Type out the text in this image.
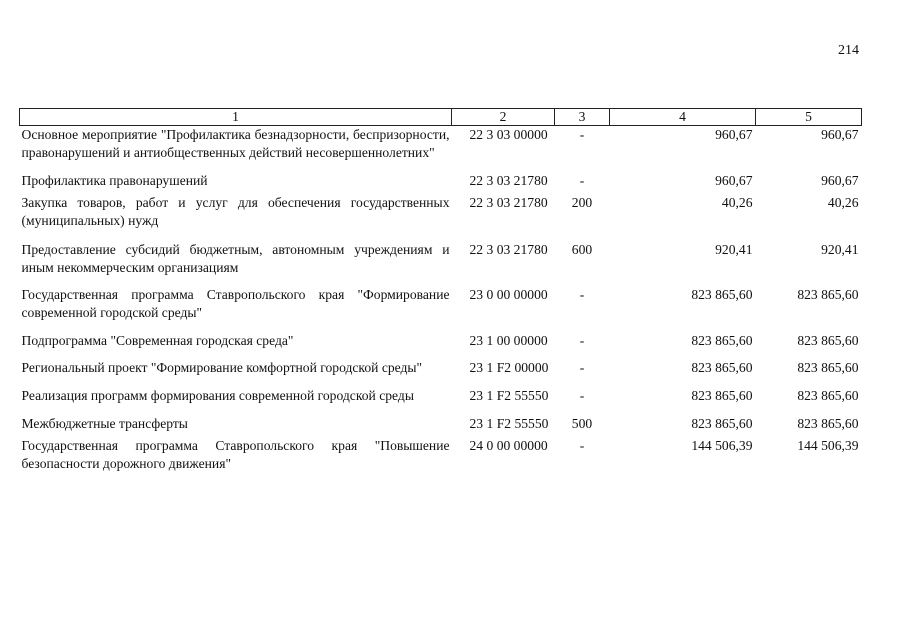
214
1	2	3	4	5
Основное мероприятие "Профилактика безнадзорности, беспризорности, правонарушений и антиобщественных действий несовершеннолетних"	22 3 03 00000	-	960,67	960,67
Профилактика правонарушений	22 3 03 21780	-	960,67	960,67
Закупка товаров, работ и услуг для обеспечения государственных (муниципальных) нужд	22 3 03 21780	200	40,26	40,26
Предоставление субсидий бюджетным, автономным учреждениям и иным некоммерческим организациям	22 3 03 21780	600	920,41	920,41
Государственная программа Ставропольского края "Формирование современной городской среды"	23 0 00 00000	-	823 865,60	823 865,60
Подпрограмма "Современная городская среда"	23 1 00 00000	-	823 865,60	823 865,60
Региональный проект "Формирование комфортной городской среды"	23 1 F2 00000	-	823 865,60	823 865,60
Реализация программ формирования современной городской среды	23 1 F2 55550	-	823 865,60	823 865,60
Межбюджетные трансферты	23 1 F2 55550	500	823 865,60	823 865,60
Государственная программа Ставропольского края "Повышение безопасности дорожного движения"	24 0 00 00000	-	144 506,39	144 506,39
